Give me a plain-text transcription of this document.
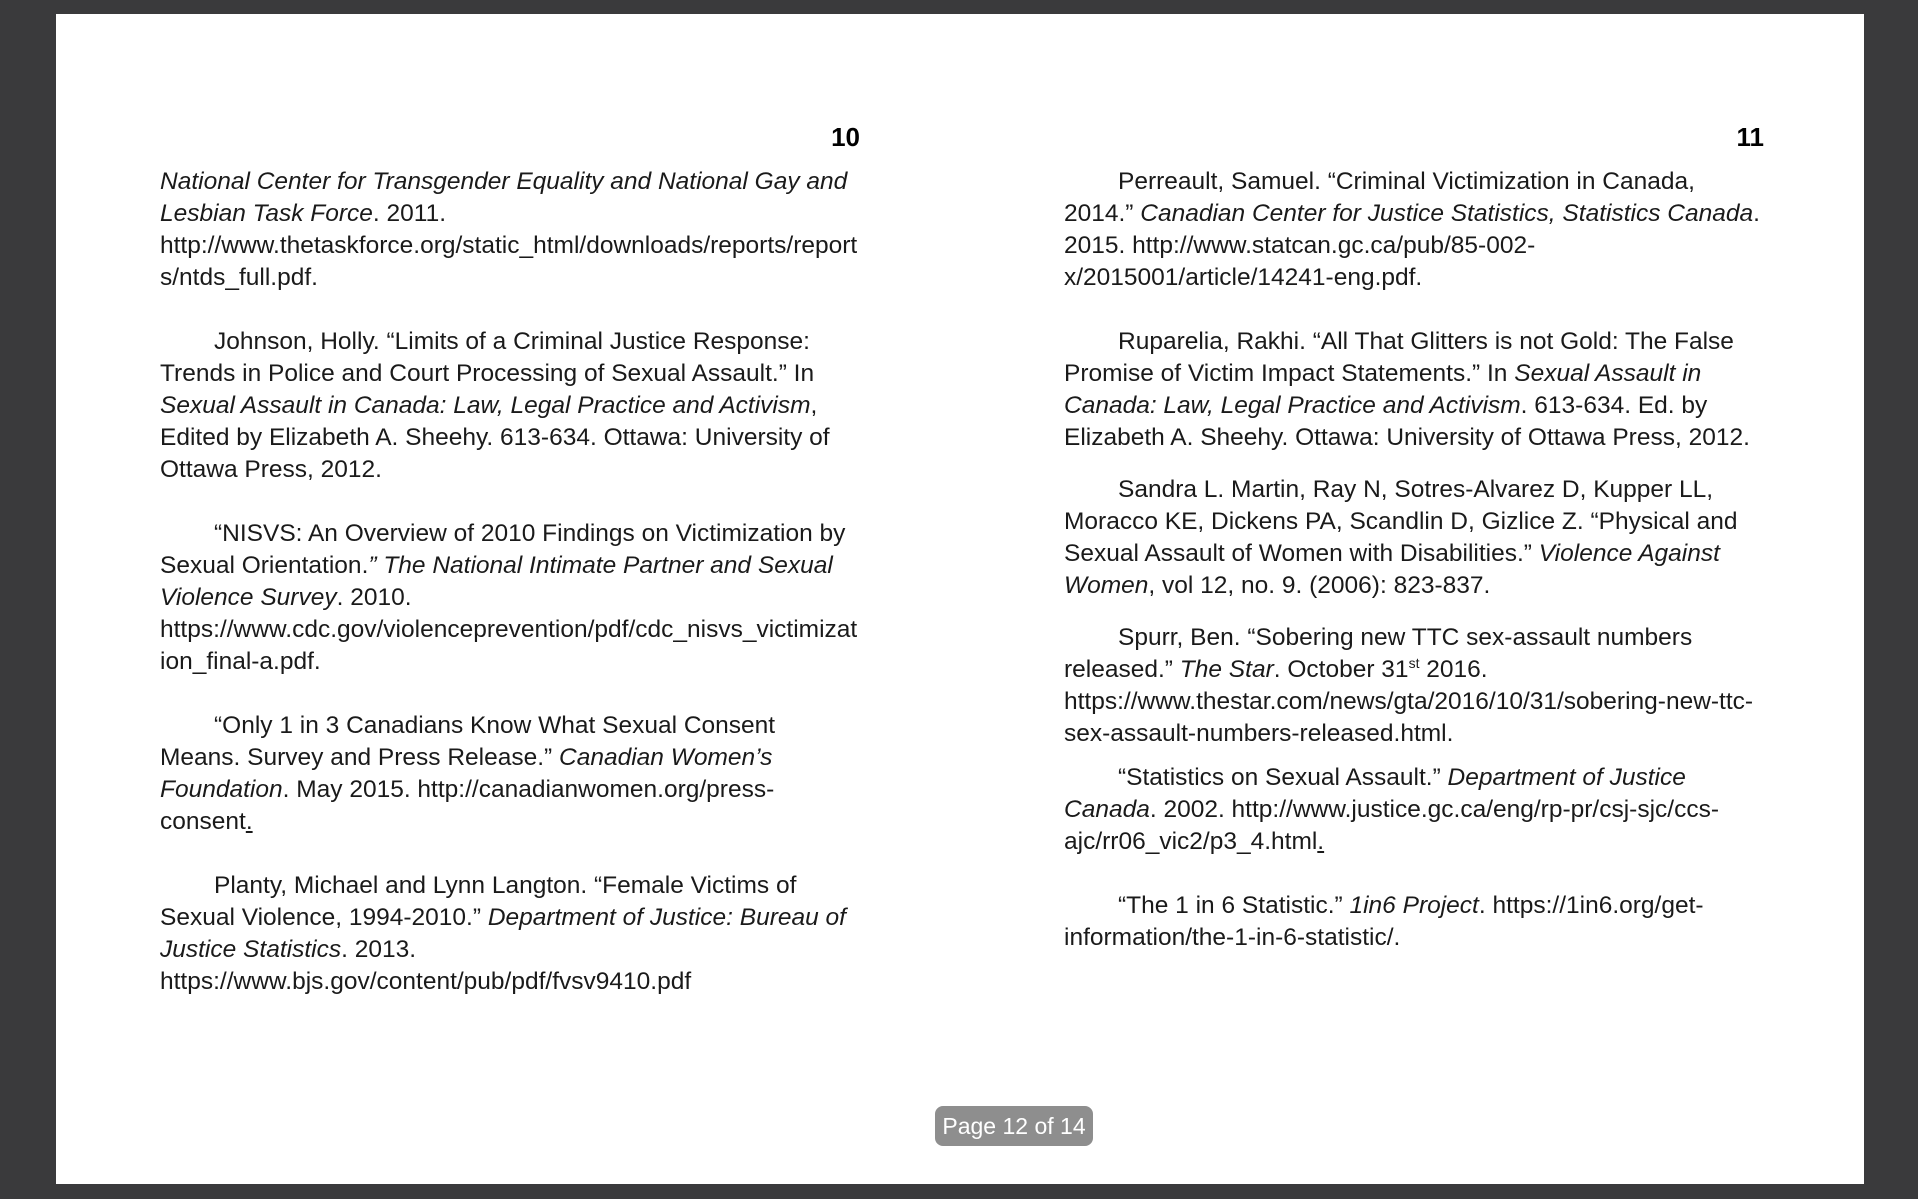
10

National Center for Transgender Equality and National Gay and Lesbian Task Force. 2011. http://www.thetaskforce.org/static_html/downloads/reports/reports/ntds_full.pdf.

Johnson, Holly. “Limits of a Criminal Justice Response: Trends in Police and Court Processing of Sexual Assault.” In Sexual Assault in Canada: Law, Legal Practice and Activism, Edited by Elizabeth A. Sheehy. 613-634. Ottawa: University of Ottawa Press, 2012.

“NISVS: An Overview of 2010 Findings on Victimization by Sexual Orientation.” The National Intimate Partner and Sexual Violence Survey. 2010. https://www.cdc.gov/violenceprevention/pdf/cdc_nisvs_victimization_final-a.pdf.

“Only 1 in 3 Canadians Know What Sexual Consent Means. Survey and Press Release.” Canadian Women’s Foundation. May 2015. http://canadianwomen.org/press-consent.

Planty, Michael and Lynn Langton. “Female Victims of Sexual Violence, 1994-2010.” Department of Justice: Bureau of Justice Statistics. 2013. https://www.bjs.gov/content/pub/pdf/fvsv9410.pdf

11

Perreault, Samuel. “Criminal Victimization in Canada, 2014.” Canadian Center for Justice Statistics, Statistics Canada. 2015. http://www.statcan.gc.ca/pub/85-002-x/2015001/article/14241-eng.pdf.

Ruparelia, Rakhi. “All That Glitters is not Gold: The False Promise of Victim Impact Statements.” In Sexual Assault in Canada: Law, Legal Practice and Activism. 613-634. Ed. by Elizabeth A. Sheehy. Ottawa: University of Ottawa Press, 2012.

Sandra L. Martin, Ray N, Sotres-Alvarez D, Kupper LL, Moracco KE, Dickens PA, Scandlin D, Gizlice Z. “Physical and Sexual Assault of Women with Disabilities.” Violence Against Women, vol 12, no. 9. (2006): 823-837.

Spurr, Ben. “Sobering new TTC sex-assault numbers released.” The Star. October 31st 2016. https://www.thestar.com/news/gta/2016/10/31/sobering-new-ttc-sex-assault-numbers-released.html.

“Statistics on Sexual Assault.” Department of Justice Canada. 2002. http://www.justice.gc.ca/eng/rp-pr/csj-sjc/ccs-ajc/rr06_vic2/p3_4.html.

“The 1 in 6 Statistic.” 1in6 Project. https://1in6.org/get-information/the-1-in-6-statistic/.

Page 12 of 14
